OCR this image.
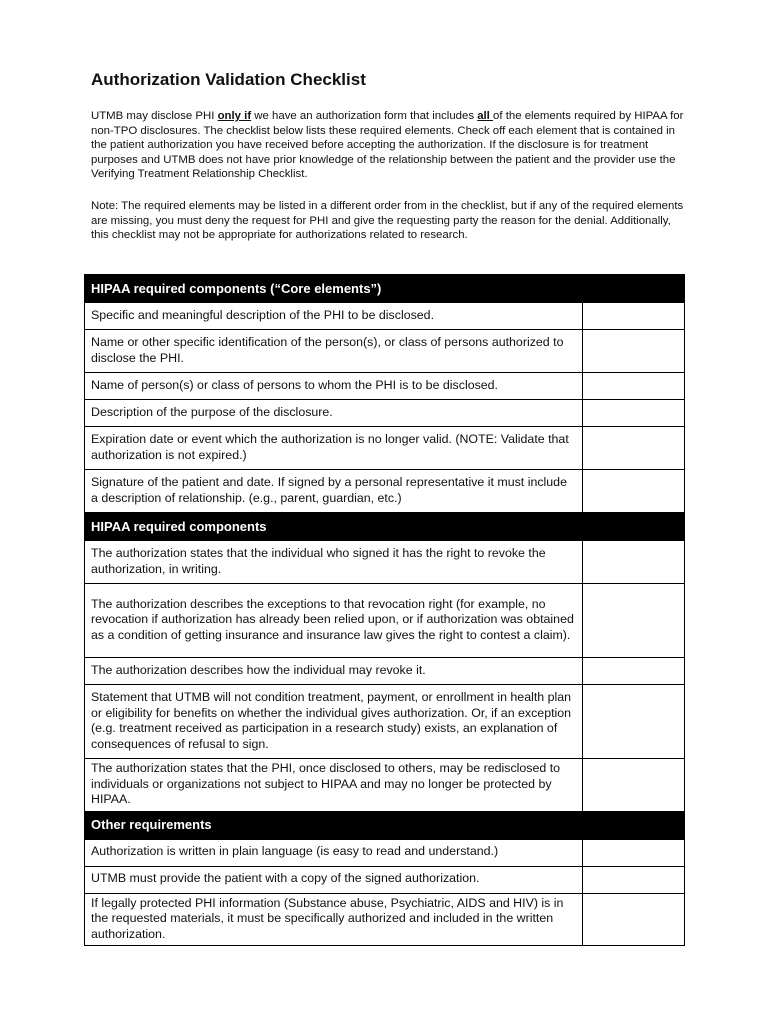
Authorization Validation Checklist

UTMB may disclose PHI only if we have an authorization form that includes all of the elements required by HIPAA for non-TPO disclosures. The checklist below lists these required elements. Check off each element that is contained in the patient authorization you have received before accepting the authorization. If the disclosure is for treatment purposes and UTMB does not have prior knowledge of the relationship between the patient and the provider use the Verifying Treatment Relationship Checklist.

Note: The required elements may be listed in a different order from in the checklist, but if any of the required elements are missing, you must deny the request for PHI and give the requesting party the reason for the denial. Additionally, this checklist may not be appropriate for authorizations related to research.

HIPAA required components (“Core elements”)	
Specific and meaningful description of the PHI to be disclosed.	
Name or other specific identification of the person(s), or class of persons authorized to disclose the PHI.	
Name of person(s) or class of persons to whom the PHI is to be disclosed.	
Description of the purpose of the disclosure.	
Expiration date or event which the authorization is no longer valid. (NOTE: Validate that authorization is not expired.)	
Signature of the patient and date. If signed by a personal representative it must include a description of relationship. (e.g., parent, guardian, etc.)	
HIPAA required components	
The authorization states that the individual who signed it has the right to revoke the authorization, in writing.	
The authorization describes the exceptions to that revocation right (for example, no revocation if authorization has already been relied upon, or if authorization was obtained as a condition of getting insurance and insurance law gives the right to contest a claim).	
The authorization describes how the individual may revoke it.	
Statement that UTMB will not condition treatment, payment, or enrollment in health plan or eligibility for benefits on whether the individual gives authorization. Or, if an exception (e.g. treatment received as participation in a research study) exists, an explanation of consequences of refusal to sign.	
The authorization states that the PHI, once disclosed to others, may be redisclosed to individuals or organizations not subject to HIPAA and may no longer be protected by HIPAA.	
Other requirements	
Authorization is written in plain language (is easy to read and understand.)	
UTMB must provide the patient with a copy of the signed authorization.	
If legally protected PHI information (Substance abuse, Psychiatric, AIDS and HIV) is in the requested materials, it must be specifically authorized and included in the written authorization.	
